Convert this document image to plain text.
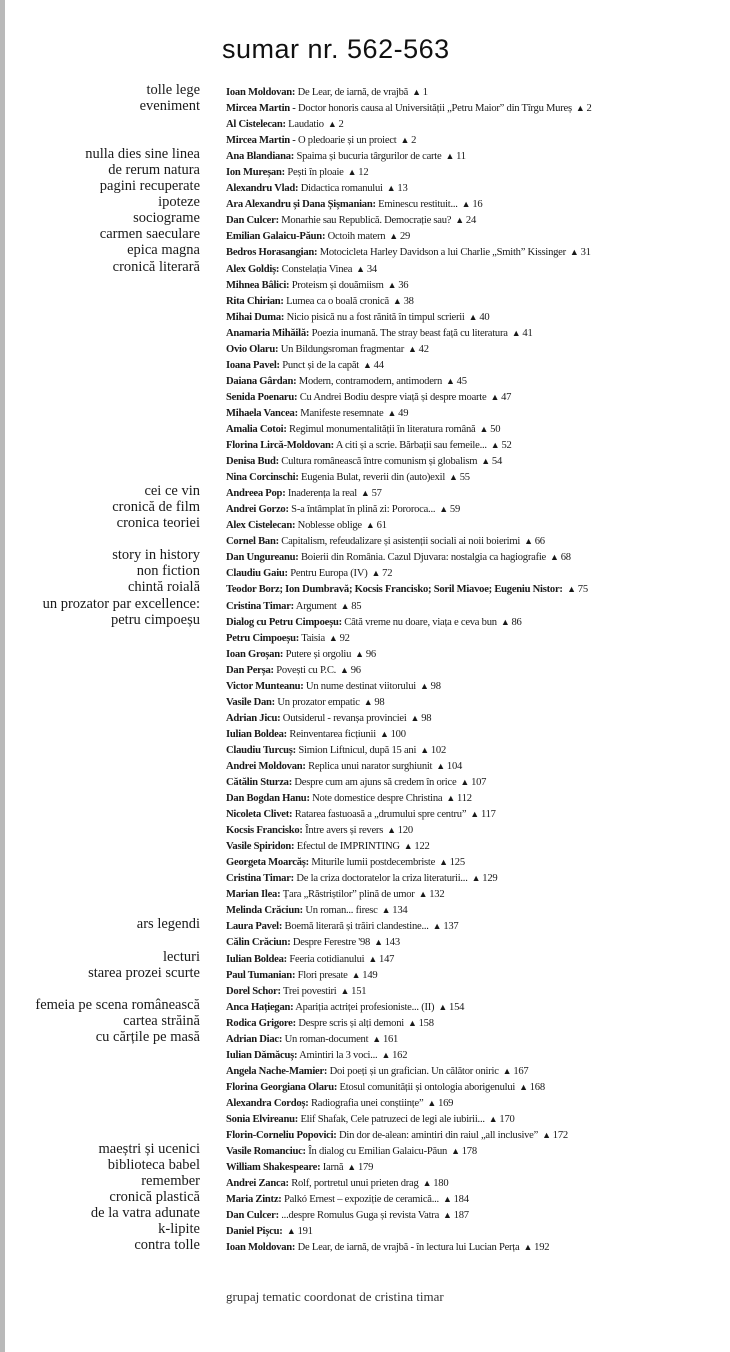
sumar nr. 562-563
tolle lege Ioan Moldovan: De Lear, de iarnă, de vrajbă ▲ 1
eveniment Mircea Martin - Doctor honoris causa al Universității „Petru Maior” din Tîrgu Mureș ▲ 2
Al Cistelecan: Laudatio ▲ 2
Mircea Martin - O pledoarie și un proiect ▲ 2
nulla dies sine linea Ana Blandiana: Spaima și bucuria târgurilor de carte ▲ 11
de rerum natura Ion Mureșan: Pești în ploaie ▲ 12
pagini recuperate Alexandru Vlad: Didactica romanului ▲ 13
ipoteze Ara Alexandru și Dana Șișmanian: Eminescu restituit... ▲ 16
sociograme Dan Culcer: Monarhie sau Republică. Democrație sau? ▲ 24
carmen saeculare Emilian Galaicu-Păun: Octoih matern ▲ 29
epica magna Bedros Horasangian: Motocicleta Harley Davidson a lui Charlie „Smith” Kissinger ▲ 31
cronică literară Alex Goldiș: Constelația Vinea ▲ 34
Mihnea Bâlici: Proteism și douămiism ▲ 36
Rita Chirian: Lumea ca o boală cronică ▲ 38
Mihai Duma: Nicio pisică nu a fost rănită în timpul scrierii ▲ 40
Anamaria Mihăilă: Poezia inumană. The stray beast față cu literatura ▲ 41
Ovio Olaru: Un Bildungsroman fragmentar ▲ 42
Ioana Pavel: Punct și de la capăt ▲ 44
Daiana Gârdan: Modern, contramodern, antimodern ▲ 45
Senida Poenaru: Cu Andrei Bodiu despre viață și despre moarte ▲ 47
Mihaela Vancea: Manifeste resemnate ▲ 49
Amalia Cotoi: Regimul monumentalității în literatura română ▲ 50
Florina Lircă-Moldovan: A citi și a scrie. Bărbații sau femeile... ▲ 52
Denisa Bud: Cultura românească între comunism și globalism ▲ 54
Nina Corcinschi: Eugenia Bulat, reverii din (auto)exil ▲ 55
cei ce vin Andreea Pop: Inaderența la real ▲ 57
cronică de film Andrei Gorzo: S-a întâmplat în plină zi: Pororoca... ▲ 59
cronica teoriei Alex Cistelecan: Noblesse oblige ▲ 61
Cornel Ban: Capitalism, refeudalizare și asistenții sociali ai noii boierimi ▲ 66
story in history Dan Ungureanu: Boierii din România. Cazul Djuvara: nostalgia ca hagiografie ▲ 68
non fiction Claudiu Gaiu: Pentru Europa (IV) ▲ 72
chintă roială Teodor Borz; Ion Dumbravă; Kocsis Francisko; Soril Miavoe; Eugeniu Nistor: ▲ 75
un prozator par excellence: Cristina Timar: Argument ▲ 85
petru cimpoeșu Dialog cu Petru Cimpoeșu: Câtă vreme nu doare, viața e ceva bun ▲ 86
Petru Cimpoeșu: Taisia ▲ 92
Ioan Groșan: Putere și orgoliu ▲ 96
Dan Perșa: Povești cu P.C. ▲ 96
Victor Munteanu: Un nume destinat viitorului ▲ 98
Vasile Dan: Un prozator empatic ▲ 98
Adrian Jicu: Outsiderul - revanșa provinciei ▲ 98
Iulian Boldea: Reinventarea ficțiunii ▲ 100
Claudiu Turcuș: Simion Liftnicul, după 15 ani ▲ 102
Andrei Moldovan: Replica unui narator surghiunit ▲ 104
Cătălin Sturza: Despre cum am ajuns să credem în orice ▲ 107
Dan Bogdan Hanu: Note domestice despre Christina ▲ 112
Nicoleta Clivet: Ratarea fastuoasă a „drumului spre centru” ▲ 117
Kocsis Francisko: Între avers și revers ▲ 120
Vasile Spiridon: Efectul de IMPRINTING ▲ 122
Georgeta Moarcăș: Miturile lumii postdecembriste ▲ 125
Cristina Timar: De la criza doctoratelor la criza literaturii... ▲ 129
Marian Ilea: Țara „Răstriștilor” plină de umor ▲ 132
Melinda Crăciun: Un roman... firesc ▲ 134
ars legendi Laura Pavel: Boemă literară și trăiri clandestine... ▲ 137
Călin Crăciun: Despre Ferestre '98 ▲ 143
lecturi Iulian Boldea: Feeria cotidianului ▲ 147
starea prozei scurte Paul Tumanian: Flori presate ▲ 149
Dorel Schor: Trei povestiri ▲ 151
femeia pe scena românească Anca Hațiegan: Apariția actriței profesioniste... (II) ▲ 154
cartea străină Rodica Grigore: Despre scris și alți demoni ▲ 158
cu cărțile pe masă Adrian Diac: Un roman-document ▲ 161
Iulian Dămăcuș: Amintiri la 3 voci... ▲ 162
Angela Nache-Mamier: Doi poeți și un grafician. Un călător oniric ▲ 167
Florina Georgiana Olaru: Etosul comunității și ontologia aborigenului ▲ 168
Alexandra Cordoș: Radiografia unei conștiințe” ▲ 169
Sonia Elvireanu: Elif Shafak, Cele patruzeci de legi ale iubirii... ▲ 170
Florin-Corneliu Popovici: Din dor de-alean: amintiri din raiul „all inclusive” ▲ 172
maeștri și ucenici Vasile Romanciuc: În dialog cu Emilian Galaicu-Păun ▲ 178
biblioteca babel William Shakespeare: Iarnă ▲ 179
remember Andrei Zanca: Rolf, portretul unui prieten drag ▲ 180
cronică plastică Maria Zintz: Palkó Ernest – expoziție de ceramică... ▲ 184
de la vatra adunate Dan Culcer: ...despre Romulus Guga și revista Vatra ▲ 187
k-lipite Daniel Pișcu: ▲ 191
contra tolle Ioan Moldovan: De Lear, de iarnă, de vrajbă - în lectura lui Lucian Perța ▲ 192
grupaj tematic coordonat de cristina timar
